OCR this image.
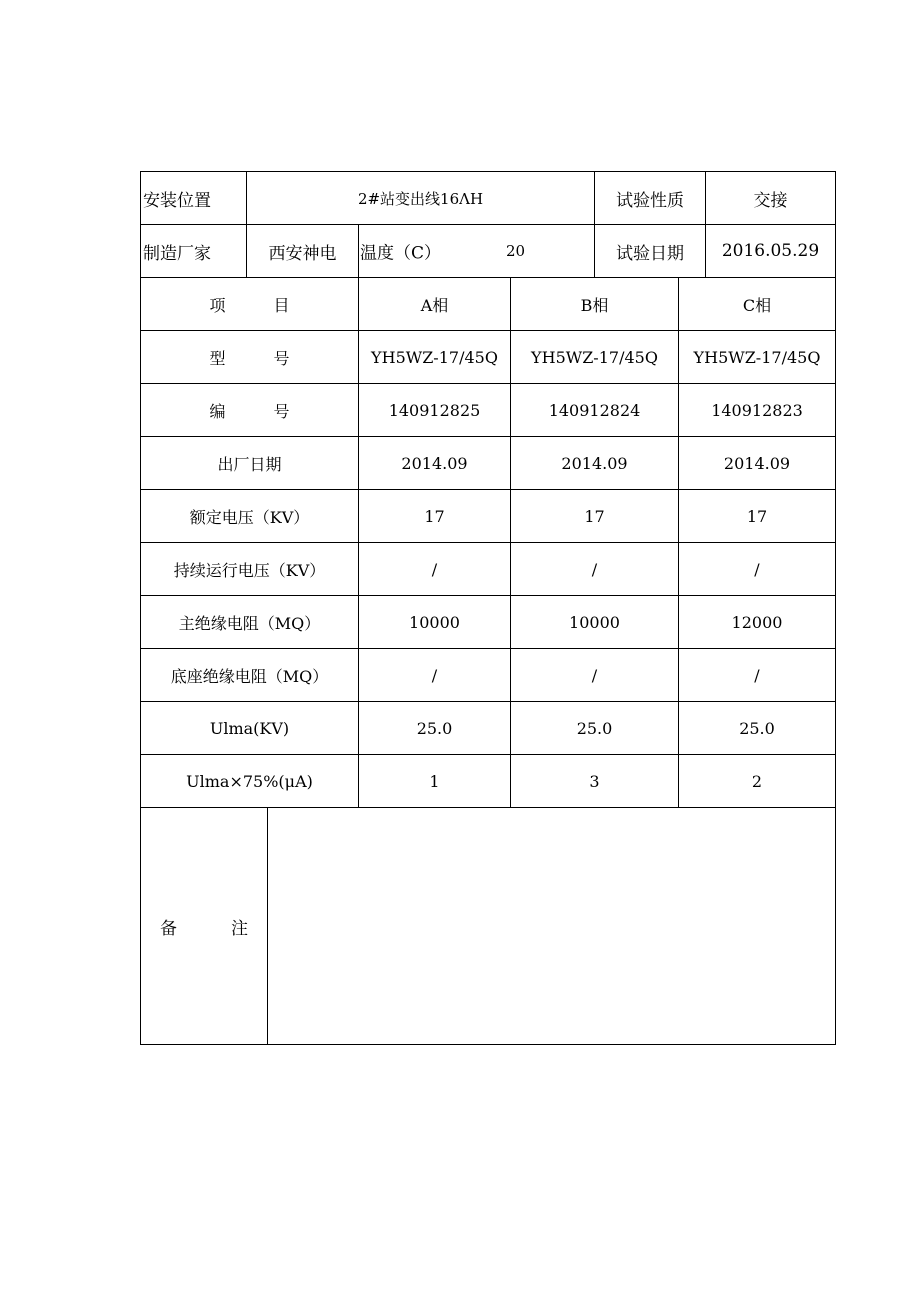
安装位置	2#站变出线16ΛH		试验性质	交接
制造厂家	西安神电	温度（C） 20	试验日期	2016.05.29
项　　　目	A相	B相	C相
型　　　号	YH5WZ-17/45Q	YH5WZ-17/45Q	YH5WZ-17/45Q
编　　　号	140912825	140912824	140912823
出厂日期	2014.09	2014.09	2014.09
额定电压（KV）	17	17	17
持续运行电压（KV）	/	/	/
主绝缘电阻（MQ）	10000	10000	12000
底座绝缘电阻（MQ）	/	/	/
Ulma(KV)	25.0	25.0	25.0
Ulma×75%(μA)	1	3	2
备	注	
